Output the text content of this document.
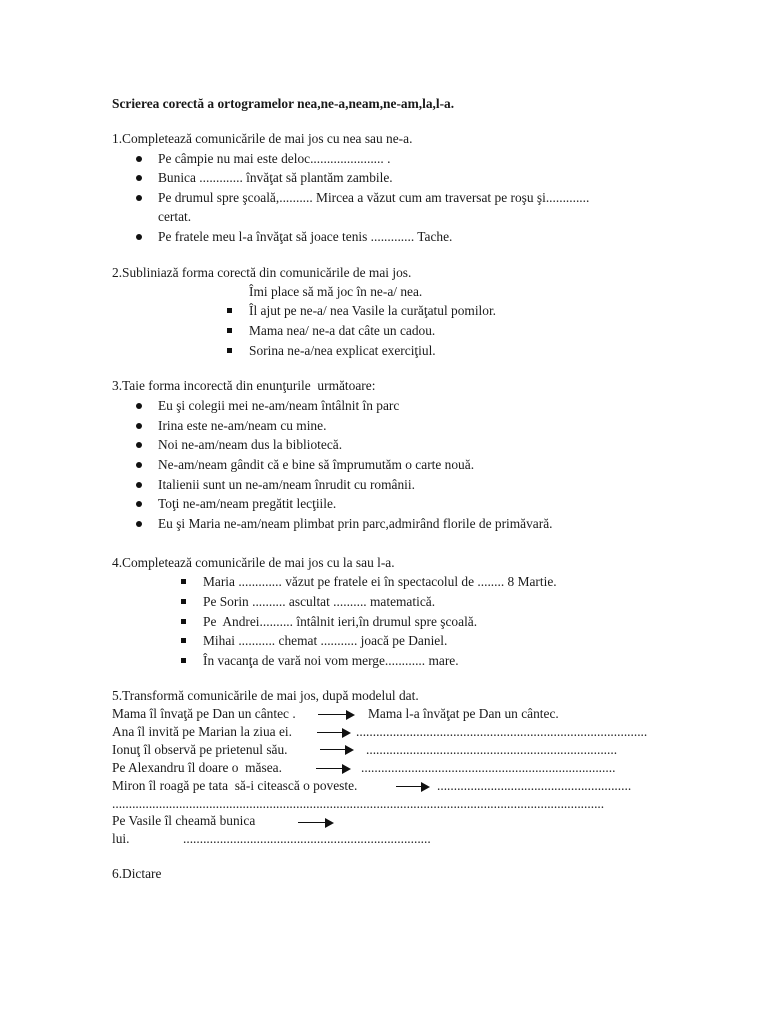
Scrierea corectă a ortogramelor nea,ne-a,neam,ne-am,la,l-a.
1.Completează comunicările de mai jos cu nea sau ne-a.
Pe câmpie nu mai este deloc...................... .
Bunica ............. învăţat să plantăm zambile.
Pe drumul spre şcoală,.......... Mircea a văzut cum am traversat pe roşu şi.............
certat.
Pe fratele meu l-a învăţat să joace tenis ............. Tache.
2.Subliniază forma corectă din comunicările de mai jos.
Îmi place să mă joc în ne-a/ nea.
Îl ajut pe ne-a/ nea Vasile la curăţatul pomilor.
Mama nea/ ne-a dat câte un cadou.
Sorina ne-a/nea explicat exerciţiul.
3.Taie forma incorectă din enunţurile  următoare:
Eu şi colegii mei ne-am/neam întâlnit în parc
Irina este ne-am/neam cu mine.
Noi ne-am/neam dus la bibliotecă.
Ne-am/neam gândit că e bine să împrumutăm o carte nouă.
Italienii sunt un ne-am/neam înrudit cu românii.
Toţi ne-am/neam pregătit lecţiile.
Eu şi Maria ne-am/neam plimbat prin parc,admirând florile de primăvară.
4.Completează comunicările de mai jos cu la sau l-a.
Maria ............. văzut pe fratele ei în spectacolul de ........ 8 Martie.
Pe Sorin .......... ascultat .......... matematică.
Pe  Andrei.......... întâlnit ieri,în drumul spre şcoală.
Mihai ........... chemat ........... joacă pe Daniel.
În vacanţa de vară noi vom merge............ mare.
5.Transformă comunicările de mai jos, după modelul dat.
Mama îl învaţă pe Dan un cântec .	Mama l-a învăţat pe Dan un cântec.
Ana îl invită pe Marian la ziua ei.	.......................................................................................
Ionuţ îl observă pe prietenul său.	...........................................................................
Pe Alexandru îl doare o  măsea.	............................................................................
Miron îl roagă pe tata  să-i citească o poveste.	..........................................................
...................................................................................................................................................
Pe Vasile îl cheamă bunica
lui.	..........................................................................
6.Dictare
